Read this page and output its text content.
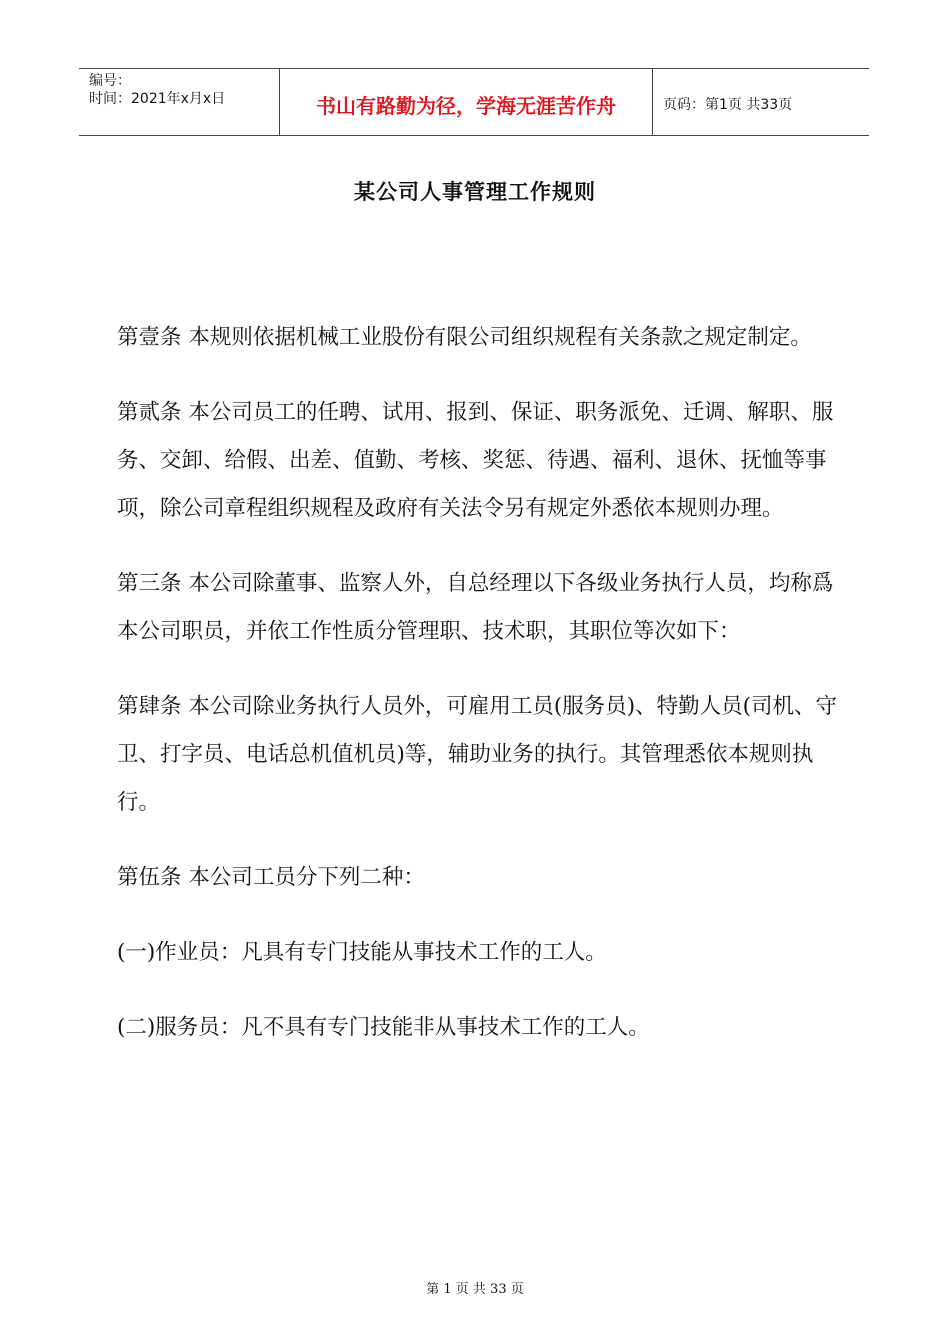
编号：
时间：2021年x月x日	书山有路勤为径，学海无涯苦作舟	页码：第1页 共33页
某公司人事管理工作规则

第壹条 本规则依据机械工业股份有限公司组织规程有关条款之规定制定。

第贰条 本公司员工的任聘、试用、报到、保证、职务派免、迁调、解职、服务、交卸、给假、出差、值勤、考核、奖惩、待遇、福利、退休、抚恤等事项，除公司章程组织规程及政府有关法令另有规定外悉依本规则办理。

第三条 本公司除董事、监察人外，自总经理以下各级业务执行人员，均称爲本公司职员，并依工作性质分管理职、技术职，其职位等次如下：

第肆条 本公司除业务执行人员外，可雇用工员(服务员)、特勤人员(司机、守卫、打字员、电话总机值机员)等，辅助业务的执行。其管理悉依本规则执行。

第伍条 本公司工员分下列二种：

(一)作业员：凡具有专门技能从事技术工作的工人。

(二)服务员：凡不具有专门技能非从事技术工作的工人。

第 1 页 共 33 页
